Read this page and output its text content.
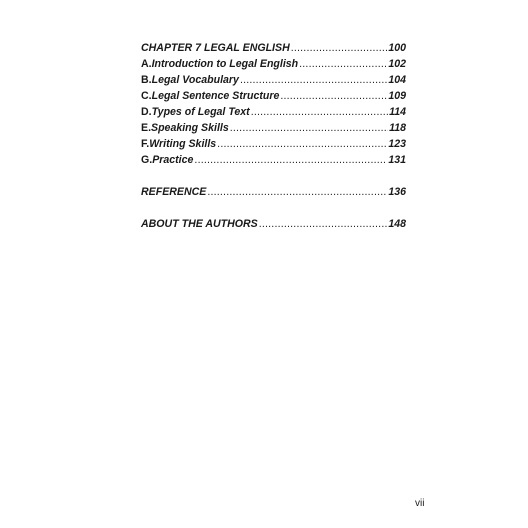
CHAPTER 7 LEGAL ENGLISH .....	100
A. Introduction to Legal English .....	102
B. Legal Vocabulary .....	104
C. Legal Sentence Structure .....	109
D. Types of Legal Text .....	114
E. Speaking Skills .....	118
F. Writing Skills .....	123
G. Practice .....	131
REFERENCE .....	136
ABOUT THE AUTHORS .....	148
vii
